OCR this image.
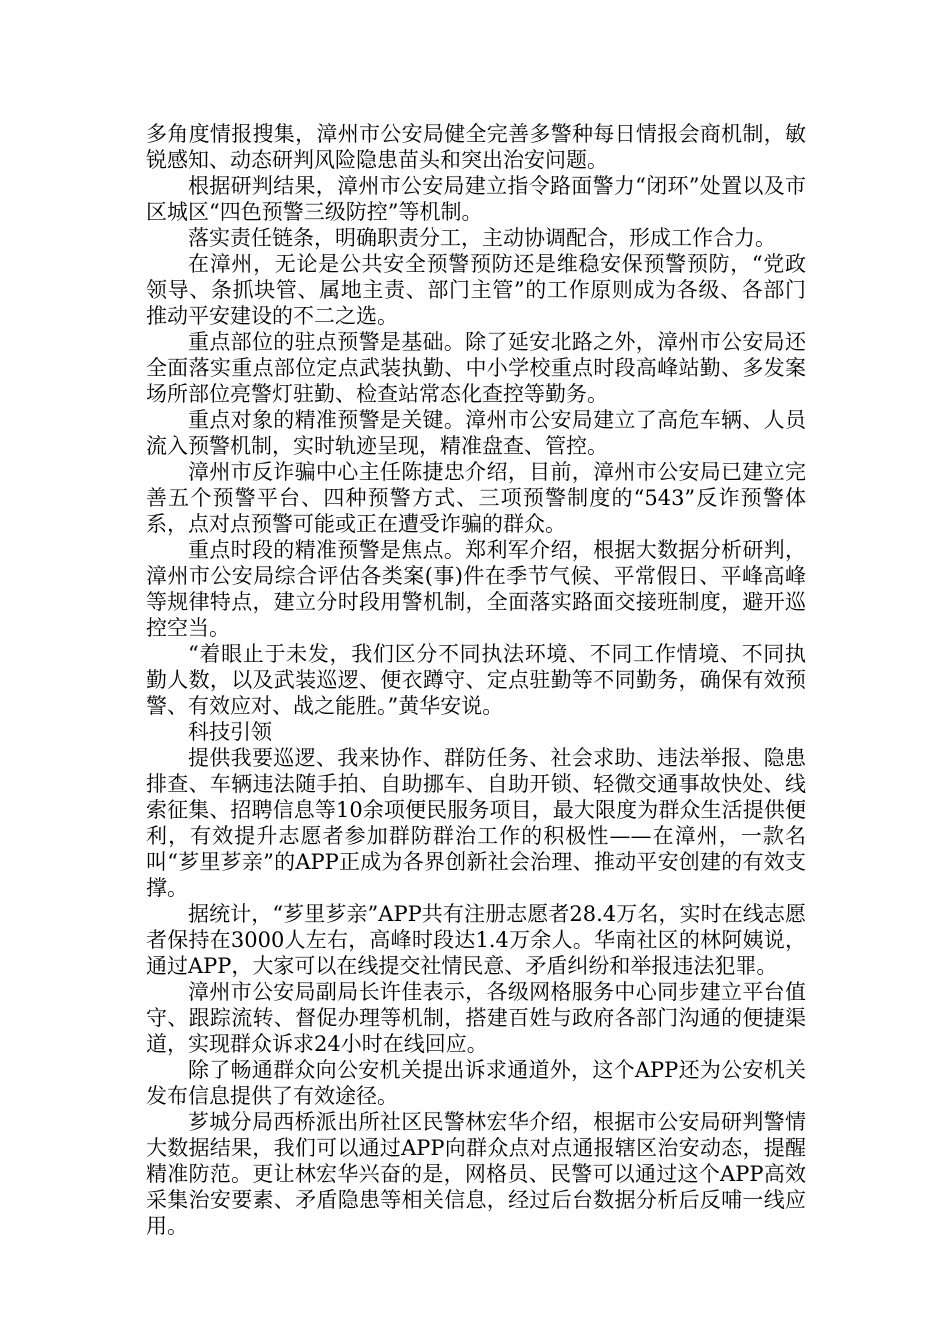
多角度情报搜集，漳州市公安局健全完善多警种每日情报会商机制，敏锐感知、动态研判风险隐患苗头和突出治安问题。

根据研判结果，漳州市公安局建立指令路面警力“闭环”处置以及市区城区“四色预警三级防控”等机制。

落实责任链条，明确职责分工，主动协调配合，形成工作合力。

在漳州，无论是公共安全预警预防还是维稳安保预警预防，“党政领导、条抓块管、属地主责、部门主管”的工作原则成为各级、各部门推动平安建设的不二之选。

重点部位的驻点预警是基础。除了延安北路之外，漳州市公安局还全面落实重点部位定点武装执勤、中小学校重点时段高峰站勤、多发案场所部位亮警灯驻勤、检查站常态化查控等勤务。

重点对象的精准预警是关键。漳州市公安局建立了高危车辆、人员流入预警机制，实时轨迹呈现，精准盘查、管控。

漳州市反诈骗中心主任陈捷忠介绍，目前，漳州市公安局已建立完善五个预警平台、四种预警方式、三项预警制度的“543”反诈预警体系，点对点预警可能或正在遭受诈骗的群众。

重点时段的精准预警是焦点。郑利军介绍，根据大数据分析研判，漳州市公安局综合评估各类案(事)件在季节气候、平常假日、平峰高峰等规律特点，建立分时段用警机制，全面落实路面交接班制度，避开巡控空当。

“着眼止于未发，我们区分不同执法环境、不同工作情境、不同执勤人数，以及武装巡逻、便衣蹲守、定点驻勤等不同勤务，确保有效预警、有效应对、战之能胜。”黄华安说。

科技引领

提供我要巡逻、我来协作、群防任务、社会求助、违法举报、隐患排查、车辆违法随手拍、自助挪车、自助开锁、轻微交通事故快处、线索征集、招聘信息等10余项便民服务项目，最大限度为群众生活提供便利，有效提升志愿者参加群防群治工作的积极性——在漳州，一款名叫“芗里芗亲”的APP正成为各界创新社会治理、推动平安创建的有效支撑。

据统计，“芗里芗亲”APP共有注册志愿者28.4万名，实时在线志愿者保持在3000人左右，高峰时段达1.4万余人。华南社区的林阿姨说，通过APP，大家可以在线提交社情民意、矛盾纠纷和举报违法犯罪。

漳州市公安局副局长许佳表示，各级网格服务中心同步建立平台值守、跟踪流转、督促办理等机制，搭建百姓与政府各部门沟通的便捷渠道，实现群众诉求24小时在线回应。

除了畅通群众向公安机关提出诉求通道外，这个APP还为公安机关发布信息提供了有效途径。

芗城分局西桥派出所社区民警林宏华介绍，根据市公安局研判警情大数据结果，我们可以通过APP向群众点对点通报辖区治安动态，提醒精准防范。更让林宏华兴奋的是，网格员、民警可以通过这个APP高效采集治安要素、矛盾隐患等相关信息，经过后台数据分析后反哺一线应用。
